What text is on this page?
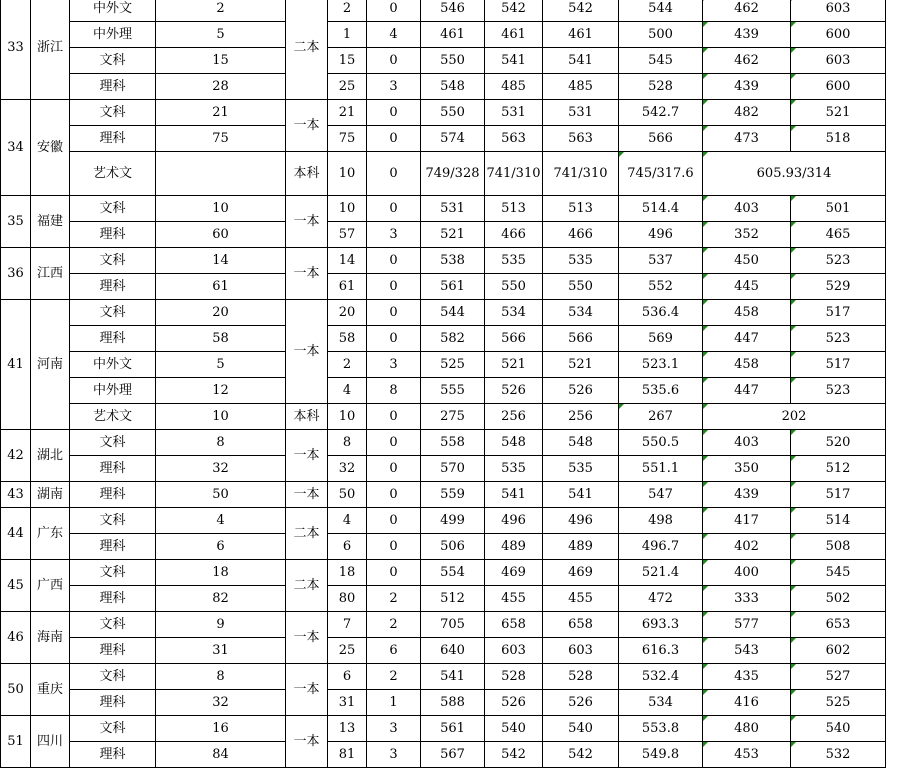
33	浙江	中外文	2	二本	2	0	546	542	542	544	462	603
		中外理	5		1	4	461	461	461	500	439	600
		文科	15		15	0	550	541	541	545	462	603
		理科	28		25	3	548	485	485	528	439	600
34	安徽	文科	21	一本	21	0	550	531	531	542.7	482	521
		理科	75		75	0	574	563	563	566	473	518
		艺术文		本科	10	0	749/328	741/310	741/310	745/317.6	605.93/314	
35	福建	文科	10	一本	10	0	531	513	513	514.4	403	501
		理科	60		57	3	521	466	466	496	352	465
36	江西	文科	14	一本	14	0	538	535	535	537	450	523
		理科	61		61	0	561	550	550	552	445	529
41	河南	文科	20	一本	20	0	544	534	534	536.4	458	517
		理科	58		58	0	582	566	566	569	447	523
		中外文	5		2	3	525	521	521	523.1	458	517
		中外理	12		4	8	555	526	526	535.6	447	523
		艺术文	10	本科	10	0	275	256	256	267	202	
42	湖北	文科	8	一本	8	0	558	548	548	550.5	403	520
		理科	32		32	0	570	535	535	551.1	350	512
43	湖南	理科	50	一本	50	0	559	541	541	547	439	517
44	广东	文科	4	二本	4	0	499	496	496	498	417	514
		理科	6		6	0	506	489	489	496.7	402	508
45	广西	文科	18	二本	18	0	554	469	469	521.4	400	545
		理科	82		80	2	512	455	455	472	333	502
46	海南	文科	9	一本	7	2	705	658	658	693.3	577	653
		理科	31		25	6	640	603	603	616.3	543	602
50	重庆	文科	8	一本	6	2	541	528	528	532.4	435	527
		理科	32		31	1	588	526	526	534	416	525
51	四川	文科	16	一本	13	3	561	540	540	553.8	480	540
		理科	84		81	3	567	542	542	549.8	453	532
